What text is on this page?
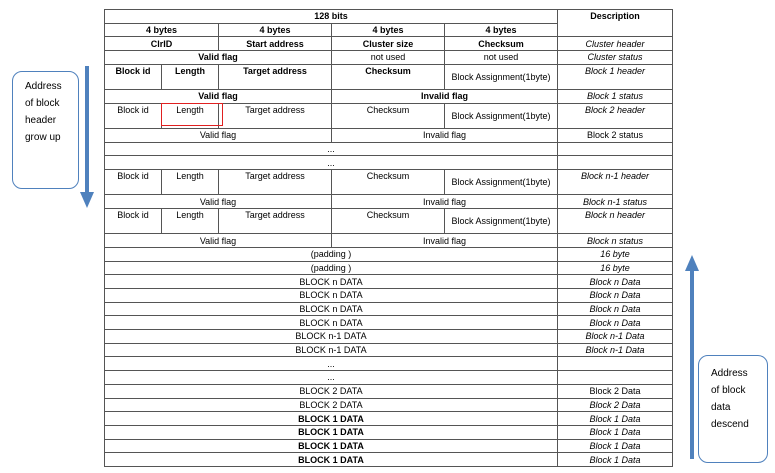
128 bits					Description
4 bytes		4 bytes	4 bytes	4 bytes	
ClrID		Start address	Cluster size	Checksum	Cluster header
Valid flag			not used	not used	Cluster status
Block id	Length	Target address	Checksum	Block Assignment(1byte)	Block 1 header
Valid flag			Invalid flag		Block 1 status
Block id	Length	Target address	Checksum	Block Assignment(1byte)	Block 2 header
Valid flag			Invalid flag		Block 2 status
...					
...					
Block id	Length	Target address	Checksum	Block Assignment(1byte)	Block n-1 header
Valid flag			Invalid flag		Block n-1 status
Block id	Length	Target address	Checksum	Block Assignment(1byte)	Block n header
Valid flag			Invalid flag		Block n status
(padding )					16 byte
(padding )					16 byte
BLOCK n DATA					Block n Data
BLOCK n DATA					Block n Data
BLOCK n DATA					Block n Data
BLOCK n DATA					Block n Data
BLOCK n-1 DATA					Block n-1 Data
BLOCK n-1 DATA					Block n-1 Data
...					
...					
BLOCK 2 DATA					Block 2 Data
BLOCK 2 DATA					Block 2 Data
BLOCK 1 DATA					Block 1 Data
BLOCK 1 DATA					Block 1 Data
BLOCK 1 DATA					Block 1 Data
BLOCK 1 DATA					Block 1 Data
Address
of block
header
grow up
Address
of block
data
descend
